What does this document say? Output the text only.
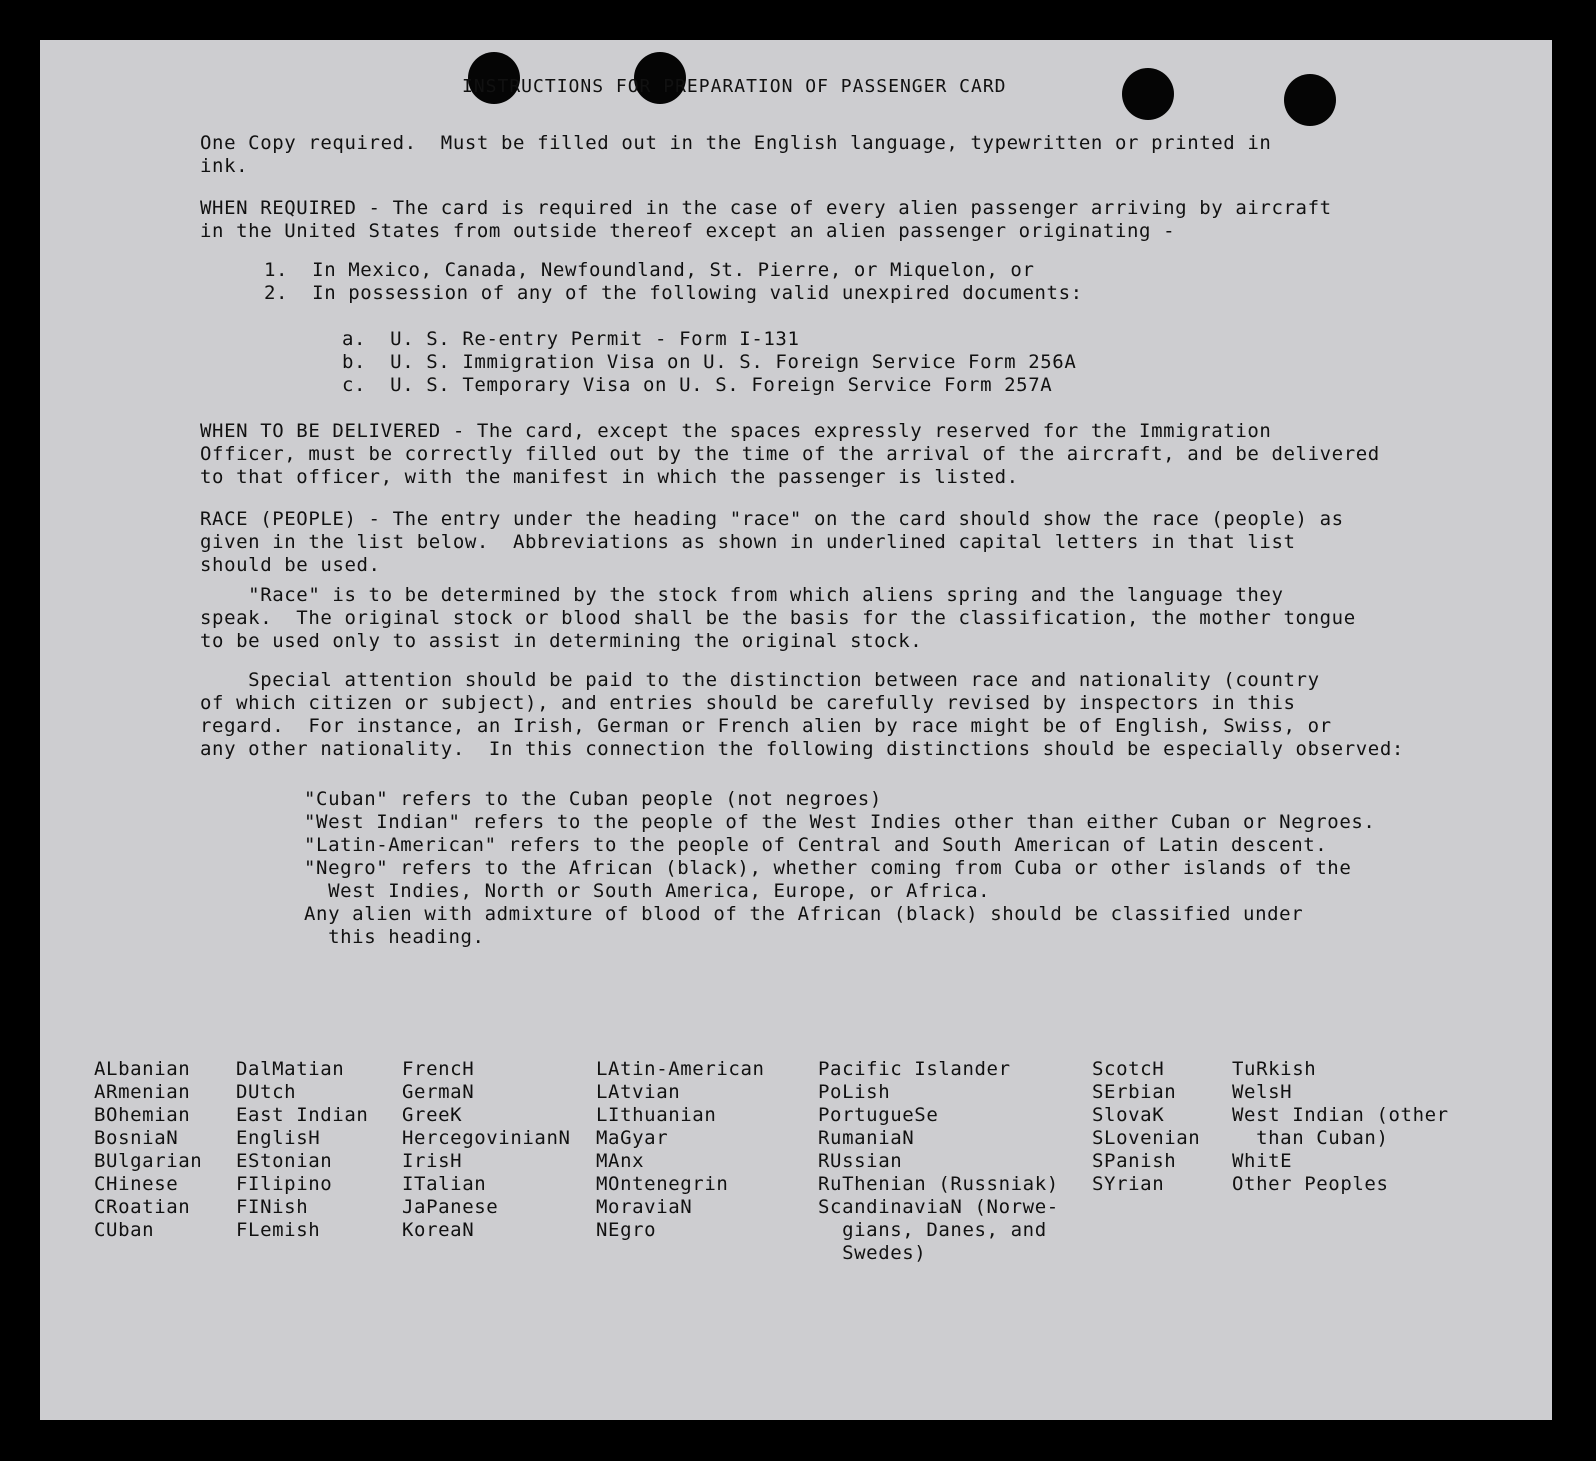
INSTRUCTIONS FOR PREPARATION OF PASSENGER CARD

One Copy required.  Must be filled out in the English language, typewritten or printed in
ink.

WHEN REQUIRED - The card is required in the case of every alien passenger arriving by aircraft
in the United States from outside thereof except an alien passenger originating -

1.  In Mexico, Canada, Newfoundland, St. Pierre, or Miquelon, or
2.  In possession of any of the following valid unexpired documents:

a.  U. S. Re-entry Permit - Form I-131
b.  U. S. Immigration Visa on U. S. Foreign Service Form 256A
c.  U. S. Temporary Visa on U. S. Foreign Service Form 257A

WHEN TO BE DELIVERED - The card, except the spaces expressly reserved for the Immigration
Officer, must be correctly filled out by the time of the arrival of the aircraft, and be delivered
to that officer, with the manifest in which the passenger is listed.

RACE (PEOPLE) - The entry under the heading "race" on the card should show the race (people) as
given in the list below.  Abbreviations as shown in underlined capital letters in that list
should be used.

"Race" is to be determined by the stock from which aliens spring and the language they
speak.  The original stock or blood shall be the basis for the classification, the mother tongue
to be used only to assist in determining the original stock.

Special attention should be paid to the distinction between race and nationality (country
of which citizen or subject), and entries should be carefully revised by inspectors in this
regard.  For instance, an Irish, German or French alien by race might be of English, Swiss, or
any other nationality.  In this connection the following distinctions should be especially observed:

"Cuban" refers to the Cuban people (not negroes)
"West Indian" refers to the people of the West Indies other than either Cuban or Negroes.
"Latin-American" refers to the people of Central and South American of Latin descent.
"Negro" refers to the African (black), whether coming from Cuba or other islands of the
West Indies, North or South America, Europe, or Africa.
Any alien with admixture of blood of the African (black) should be classified under
this heading.

ALbanian
ARmenian
BOhemian
BosniaN
BUlgarian
CHinese
CRoatian
CUban
DalMatian
DUtch
East Indian
EnglisH
EStonian
FIlipino
FINish
FLemish
FrencH
GermaN
GreeK
HercegovinianN
IrisH
ITalian
JaPanese
KoreaN
LAtin-American
LAtvian
LIthuanian
MaGyar
MAnx
MOntenegrin
MoraviaN
NEgro
Pacific Islander
PoLish
PortugueSe
RumaniaN
RUssian
RuThenian (Russniak)
ScandinaviaN (Norwe-
gians, Danes, and
Swedes)
ScotcH
SErbian
SlovaK
SLovenian
SPanish
SYrian
TuRkish
WelsH
West Indian (other
than Cuban)
WhitE
Other Peoples
